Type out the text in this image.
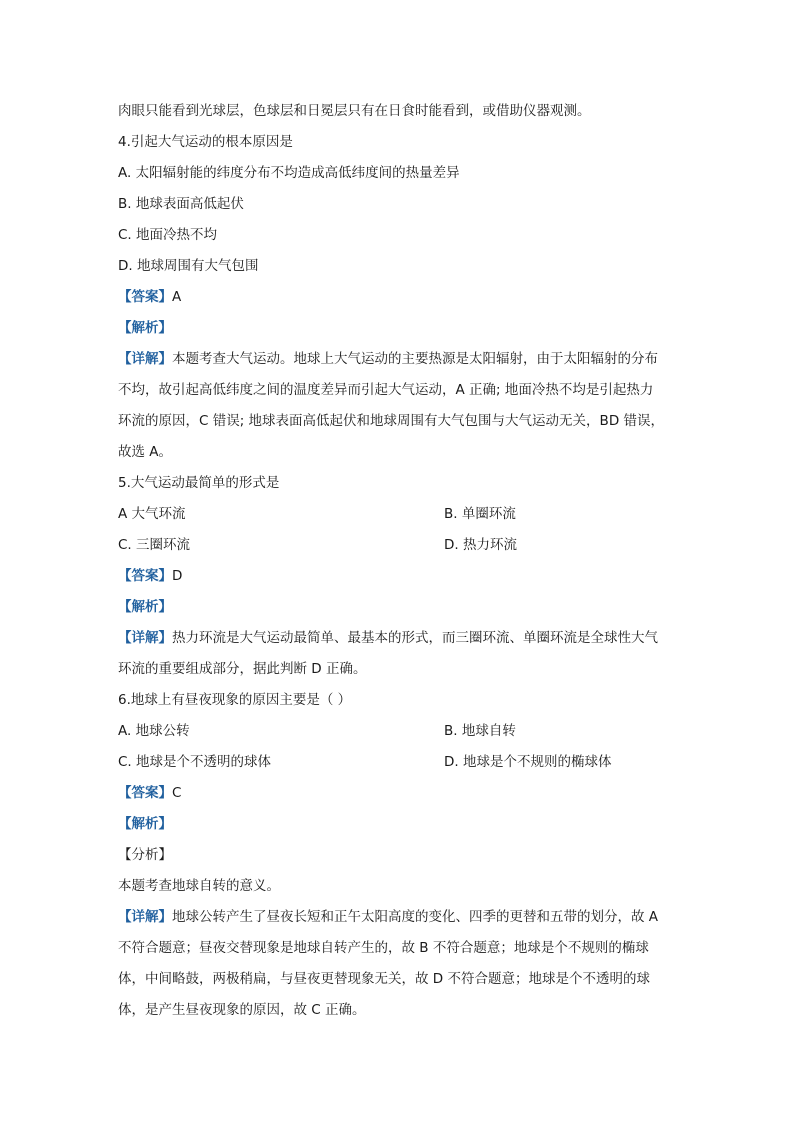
肉眼只能看到光球层，色球层和日冕层只有在日食时能看到，或借助仪器观测。
4.引起大气运动的根本原因是
A. 太阳辐射能的纬度分布不均造成高低纬度间的热量差异
B. 地球表面高低起伏
C. 地面冷热不均
D. 地球周围有大气包围
【答案】A
【解析】
【详解】本题考查大气运动。地球上大气运动的主要热源是太阳辐射，由于太阳辐射的分布
不均，故引起高低纬度之间的温度差异而引起大气运动，A 正确; 地面冷热不均是引起热力
环流的原因，C 错误; 地球表面高低起伏和地球周围有大气包围与大气运动无关，BD 错误，
故选 A。
5.大气运动最简单的形式是
A 大气环流	B. 单圈环流
C. 三圈环流	D. 热力环流
【答案】D
【解析】
【详解】热力环流是大气运动最简单、最基本的形式，而三圈环流、单圈环流是全球性大气
环流的重要组成部分，据此判断 D 正确。
6.地球上有昼夜现象的原因主要是（ ）
A. 地球公转	B. 地球自转
C. 地球是个不透明的球体	D. 地球是个不规则的椭球体
【答案】C
【解析】
【分析】
本题考查地球自转的意义。
【详解】地球公转产生了昼夜长短和正午太阳高度的变化、四季的更替和五带的划分，故 A
不符合题意；昼夜交替现象是地球自转产生的，故 B 不符合题意；地球是个不规则的椭球
体，中间略鼓，两极稍扁，与昼夜更替现象无关，故 D 不符合题意；地球是个不透明的球
体，是产生昼夜现象的原因，故 C 正确。
